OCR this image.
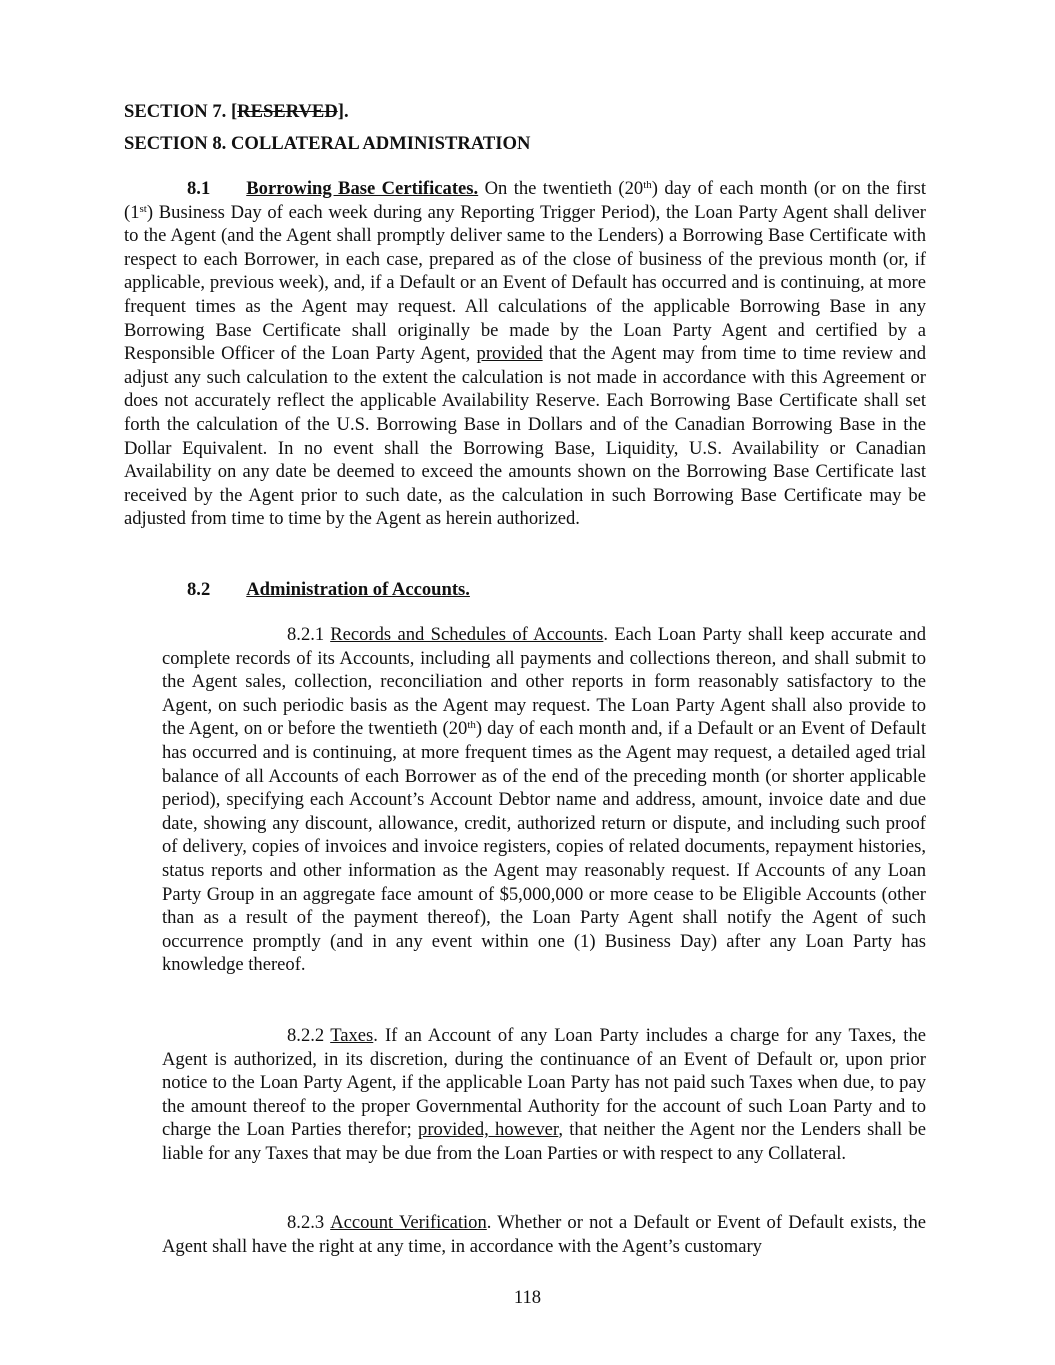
SECTION 7. [RESERVED].
SECTION 8. COLLATERAL ADMINISTRATION

8.1 Borrowing Base Certificates. On the twentieth (20th) day of each month (or on the first (1st) Business Day of each week during any Reporting Trigger Period), the Loan Party Agent shall deliver to the Agent (and the Agent shall promptly deliver same to the Lenders) a Borrowing Base Certificate with respect to each Borrower, in each case, prepared as of the close of business of the previous month (or, if applicable, previous week), and, if a Default or an Event of Default has occurred and is continuing, at more frequent times as the Agent may request. All calculations of the applicable Borrowing Base in any Borrowing Base Certificate shall originally be made by the Loan Party Agent and certified by a Responsible Officer of the Loan Party Agent, provided that the Agent may from time to time review and adjust any such calculation to the extent the calculation is not made in accordance with this Agreement or does not accurately reflect the applicable Availability Reserve. Each Borrowing Base Certificate shall set forth the calculation of the U.S. Borrowing Base in Dollars and of the Canadian Borrowing Base in the Dollar Equivalent. In no event shall the Borrowing Base, Liquidity, U.S. Availability or Canadian Availability on any date be deemed to exceed the amounts shown on the Borrowing Base Certificate last received by the Agent prior to such date, as the calculation in such Borrowing Base Certificate may be adjusted from time to time by the Agent as herein authorized.

8.2 Administration of Accounts.

8.2.1 Records and Schedules of Accounts. Each Loan Party shall keep accurate and complete records of its Accounts, including all payments and collections thereon, and shall submit to the Agent sales, collection, reconciliation and other reports in form reasonably satisfactory to the Agent, on such periodic basis as the Agent may request. The Loan Party Agent shall also provide to the Agent, on or before the twentieth (20th) day of each month and, if a Default or an Event of Default has occurred and is continuing, at more frequent times as the Agent may request, a detailed aged trial balance of all Accounts of each Borrower as of the end of the preceding month (or shorter applicable period), specifying each Account’s Account Debtor name and address, amount, invoice date and due date, showing any discount, allowance, credit, authorized return or dispute, and including such proof of delivery, copies of invoices and invoice registers, copies of related documents, repayment histories, status reports and other information as the Agent may reasonably request. If Accounts of any Loan Party Group in an aggregate face amount of $5,000,000 or more cease to be Eligible Accounts (other than as a result of the payment thereof), the Loan Party Agent shall notify the Agent of such occurrence promptly (and in any event within one (1) Business Day) after any Loan Party has knowledge thereof.

8.2.2 Taxes. If an Account of any Loan Party includes a charge for any Taxes, the Agent is authorized, in its discretion, during the continuance of an Event of Default or, upon prior notice to the Loan Party Agent, if the applicable Loan Party has not paid such Taxes when due, to pay the amount thereof to the proper Governmental Authority for the account of such Loan Party and to charge the Loan Parties therefor; provided, however, that neither the Agent nor the Lenders shall be liable for any Taxes that may be due from the Loan Parties or with respect to any Collateral.

8.2.3 Account Verification. Whether or not a Default or Event of Default exists, the Agent shall have the right at any time, in accordance with the Agent’s customary

118
